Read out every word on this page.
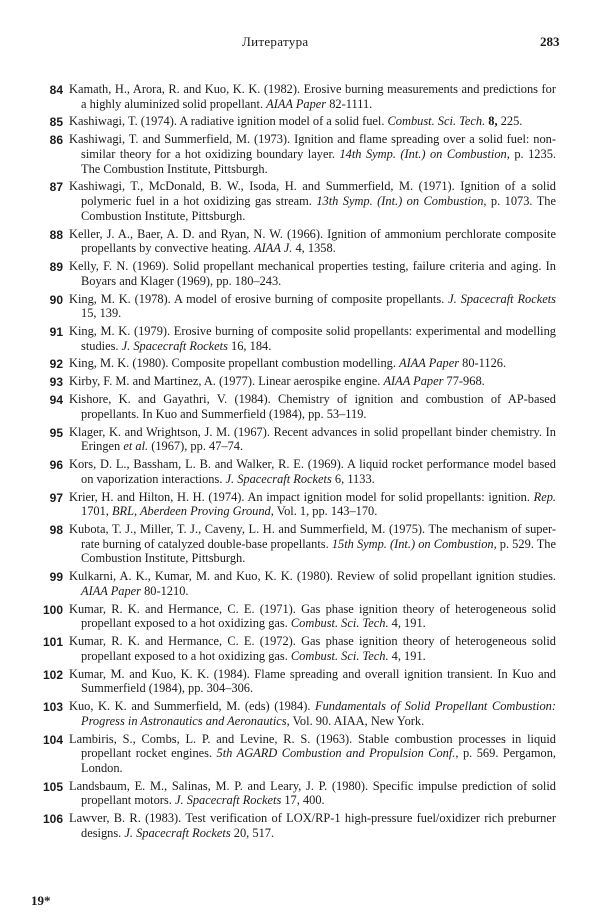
Литература	283
84 Kamath, H., Arora, R. and Kuo, K. K. (1982). Erosive burning measurements and predictions for a highly aluminized solid propellant. AIAA Paper 82-1111.
85 Kashiwagi, T. (1974). A radiative ignition model of a solid fuel. Combust. Sci. Tech. 8, 225.
86 Kashiwagi, T. and Summerfield, M. (1973). Ignition and flame spreading over a solid fuel: non-similar theory for a hot oxidizing boundary layer. 14th Symp. (Int.) on Combustion, p. 1235. The Combustion Institute, Pittsburgh.
87 Kashiwagi, T., McDonald, B. W., Isoda, H. and Summerfield, M. (1971). Ignition of a solid polymeric fuel in a hot oxidizing gas stream. 13th Symp. (Int.) on Combustion, p. 1073. The Combustion Institute, Pittsburgh.
88 Keller, J. A., Baer, A. D. and Ryan, N. W. (1966). Ignition of ammonium perchlorate composite propellants by convective heating. AIAA J. 4, 1358.
89 Kelly, F. N. (1969). Solid propellant mechanical properties testing, failure criteria and aging. In Boyars and Klager (1969), pp. 180–243.
90 King, M. K. (1978). A model of erosive burning of composite propellants. J. Spacecraft Rockets 15, 139.
91 King, M. K. (1979). Erosive burning of composite solid propellants: experimental and modelling studies. J. Spacecraft Rockets 16, 184.
92 King, M. K. (1980). Composite propellant combustion modelling. AIAA Paper 80-1126.
93 Kirby, F. M. and Martinez, A. (1977). Linear aerospike engine. AIAA Paper 77-968.
94 Kishore, K. and Gayathri, V. (1984). Chemistry of ignition and combustion of AP-based propellants. In Kuo and Summerfield (1984), pp. 53–119.
95 Klager, K. and Wrightson, J. M. (1967). Recent advances in solid propellant binder chemistry. In Eringen et al. (1967), pp. 47–74.
96 Kors, D. L., Bassham, L. B. and Walker, R. E. (1969). A liquid rocket performance model based on vaporization interactions. J. Spacecraft Rockets 6, 1133.
97 Krier, H. and Hilton, H. H. (1974). An impact ignition model for solid propellants: ignition. Rep. 1701, BRL, Aberdeen Proving Ground, Vol. 1, pp. 143–170.
98 Kubota, T. J., Miller, T. J., Caveny, L. H. and Summerfield, M. (1975). The mechanism of super-rate burning of catalyzed double-base propellants. 15th Symp. (Int.) on Combustion, p. 529. The Combustion Institute, Pittsburgh.
99 Kulkarni, A. K., Kumar, M. and Kuo, K. K. (1980). Review of solid propellant ignition studies. AIAA Paper 80-1210.
100 Kumar, R. K. and Hermance, C. E. (1971). Gas phase ignition theory of heterogeneous solid propellant exposed to a hot oxidizing gas. Combust. Sci. Tech. 4, 191.
101 Kumar, R. K. and Hermance, C. E. (1972). Gas phase ignition theory of heterogeneous solid propellant exposed to a hot oxidizing gas. Combust. Sci. Tech. 4, 191.
102 Kumar, M. and Kuo, K. K. (1984). Flame spreading and overall ignition transient. In Kuo and Summerfield (1984), pp. 304–306.
103 Kuo, K. K. and Summerfield, M. (eds) (1984). Fundamentals of Solid Propellant Combustion: Progress in Astronautics and Aeronautics, Vol. 90. AIAA, New York.
104 Lambiris, S., Combs, L. P. and Levine, R. S. (1963). Stable combustion processes in liquid propellant rocket engines. 5th AGARD Combustion and Propulsion Conf., p. 569. Pergamon, London.
105 Landsbaum, E. M., Salinas, M. P. and Leary, J. P. (1980). Specific impulse prediction of solid propellant motors. J. Spacecraft Rockets 17, 400.
106 Lawver, B. R. (1983). Test verification of LOX/RP-1 high-pressure fuel/oxidizer rich preburner designs. J. Spacecraft Rockets 20, 517.
19*
